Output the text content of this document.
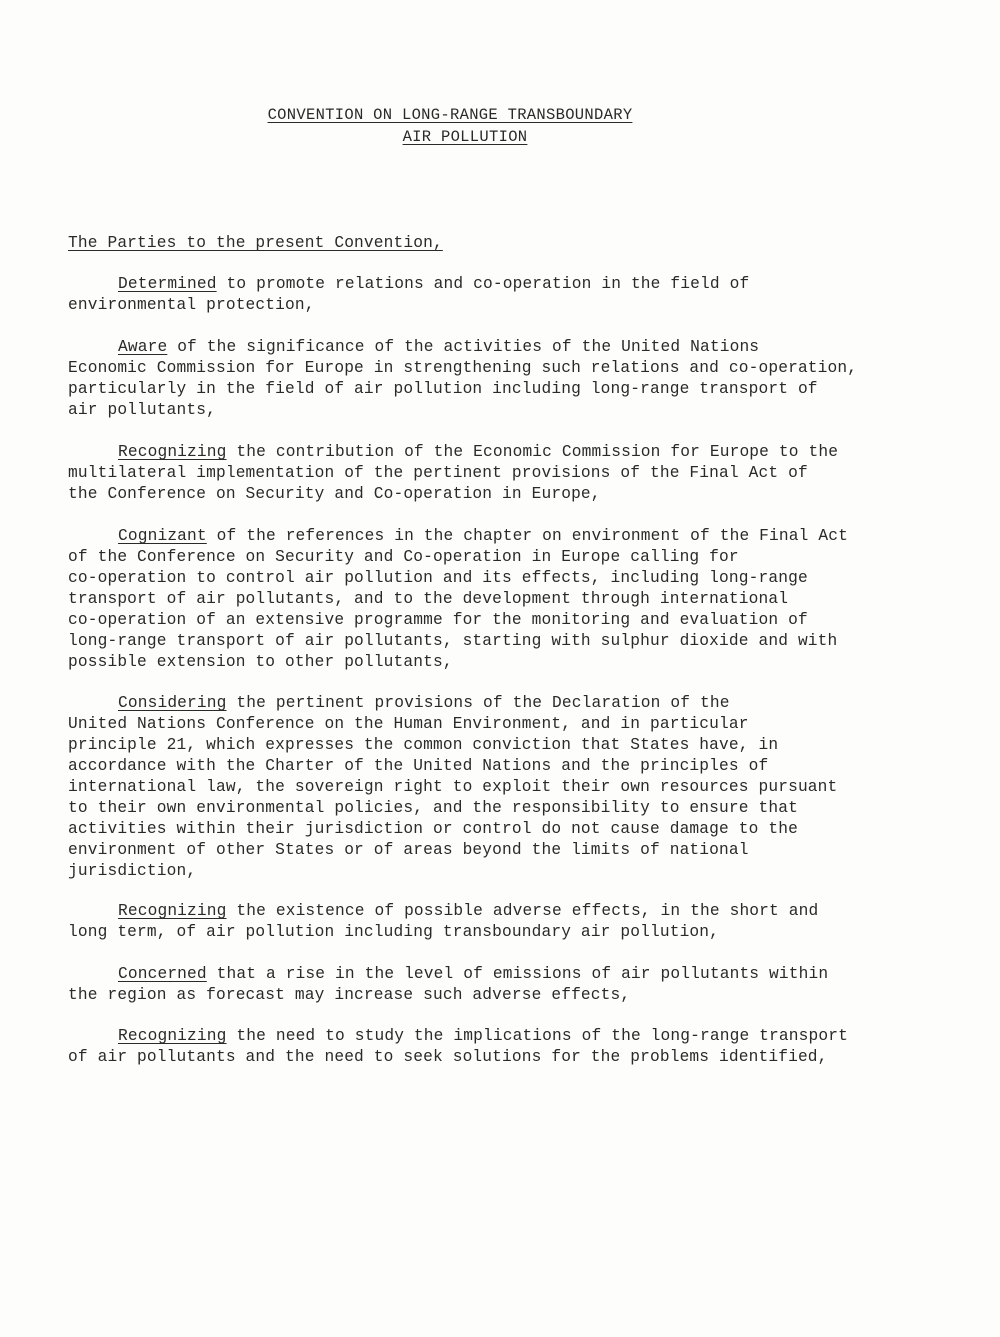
CONVENTION ON LONG-RANGE TRANSBOUNDARY
AIR POLLUTION
The Parties to the present Convention,
Determined to promote relations and co-operation in the field of
environmental protection,
Aware of the significance of the activities of the United Nations
Economic Commission for Europe in strengthening such relations and co-operation,
particularly in the field of air pollution including long-range transport of
air pollutants,
Recognizing the contribution of the Economic Commission for Europe to the
multilateral implementation of the pertinent provisions of the Final Act of
the Conference on Security and Co-operation in Europe,
Cognizant of the references in the chapter on environment of the Final Act
of the Conference on Security and Co-operation in Europe calling for
co-operation to control air pollution and its effects, including long-range
transport of air pollutants, and to the development through international
co-operation of an extensive programme for the monitoring and evaluation of
long-range transport of air pollutants, starting with sulphur dioxide and with
possible extension to other pollutants,
Considering the pertinent provisions of the Declaration of the
United Nations Conference on the Human Environment, and in particular
principle 21, which expresses the common conviction that States have, in
accordance with the Charter of the United Nations and the principles of
international law, the sovereign right to exploit their own resources pursuant
to their own environmental policies, and the responsibility to ensure that
activities within their jurisdiction or control do not cause damage to the
environment of other States or of areas beyond the limits of national
jurisdiction,
Recognizing the existence of possible adverse effects, in the short and
long term, of air pollution including transboundary air pollution,
Concerned that a rise in the level of emissions of air pollutants within
the region as forecast may increase such adverse effects,
Recognizing the need to study the implications of the long-range transport
of air pollutants and the need to seek solutions for the problems identified,
